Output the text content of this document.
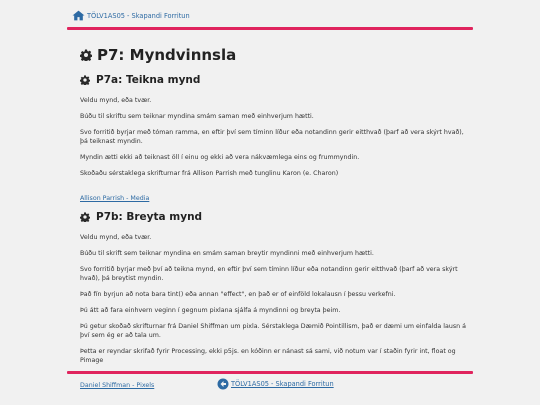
TÖLV1AS05 - Skapandi Forritun
P7: Myndvinnsla
P7a: Teikna mynd

Veldu mynd, eða tvær.

Búðu til skriftu sem teiknar myndina smám saman með einhverjum hætti.

Svo forritið byrjar með tóman ramma, en eftir því sem tíminn líður eða notandinn gerir eitthvað (þarf að vera skýrt hvað), þá teiknast myndin.

Myndin ætti ekki að teiknast öll í einu og ekki að vera nákvæmlega eins og frummyndin.

Skoðaðu sérstaklega skrifturnar frá Allison Parrish með tunglinu Karon (e. Charon)

Allison Parrish - Media
P7b: Breyta mynd

Veldu mynd, eða tvær.

Búðu til skrift sem teiknar myndina en smám saman breytir myndinni með einhverjum hætti.

Svo forritið byrjar með því að teikna mynd, en eftir því sem tíminn líður eða notandinn gerir eitthvað (þarf að vera skýrt hvað), þá breytist myndin.

Það fín byrjun að nota bara tint() eða annan "effect", en það er of einföld lokalausn í þessu verkefni.

Þú átt að fara einhvern veginn í gegnum pixlana sjálfa á myndinni og breyta þeim.

Þú getur skoðað skrifturnar frá Daniel Shiffman um pixla. Sérstaklega Dæmið Pointillism, það er dæmi um einfalda lausn á því sem ég er að tala um.

Þetta er reyndar skrifað fyrir Processing, ekki p5js. en kóðinn er nánast sá sami, við notum var í staðin fyrir int, float og Pimage

Daniel Shiffman - Pixels	TÖLV1AS05 - Skapandi Forritun
